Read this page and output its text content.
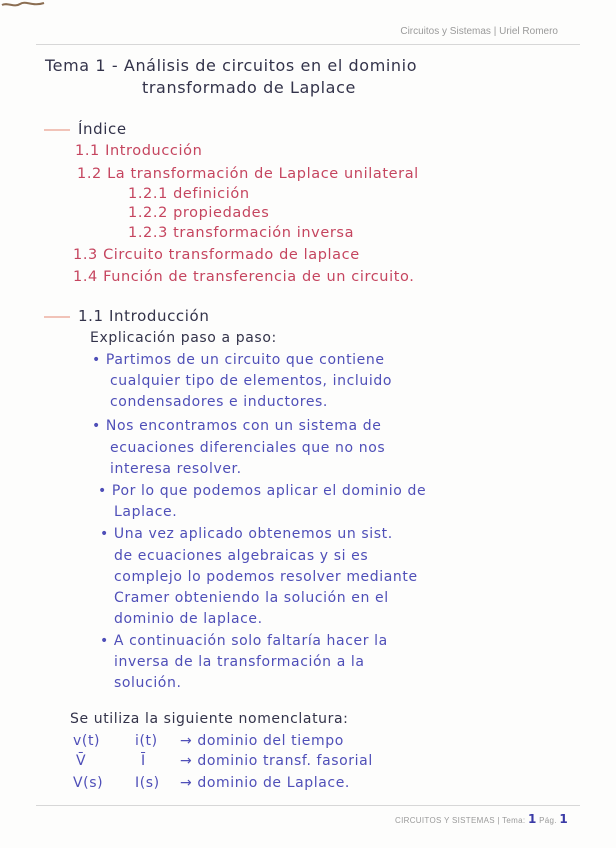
Circuitos y Sistemas | Uriel Romero
Tema 1 - Análisis de circuitos en el dominio
transformado de Laplace
Índice
1.1 Introducción
1.2 La transformación de Laplace unilateral
1.2.1 definición
1.2.2 propiedades
1.2.3 transformación inversa
1.3 Circuito transformado de laplace
1.4 Función de transferencia de un circuito.
1.1 Introducción
Explicación paso a paso:
• Partimos de un circuito que contiene
cualquier tipo de elementos, incluido
condensadores e inductores.
• Nos encontramos con un sistema de
ecuaciones diferenciales que no nos
interesa resolver.
• Por lo que podemos aplicar el dominio de
Laplace.
• Una vez aplicado obtenemos un sist.
de ecuaciones algebraicas y si es
complejo lo podemos resolver mediante
Cramer obteniendo la solución en el
dominio de laplace.
• A continuación solo faltaría hacer la
inversa de la transformación a la
solución.
Se utiliza la siguiente nomenclatura:
v(t) i(t) → dominio del tiempo
V̄	Ī → dominio transf. fasorial
V(s) I(s) → dominio de Laplace.
CIRCUITOS Y SISTEMAS | Tema: 1 Pág. 1
